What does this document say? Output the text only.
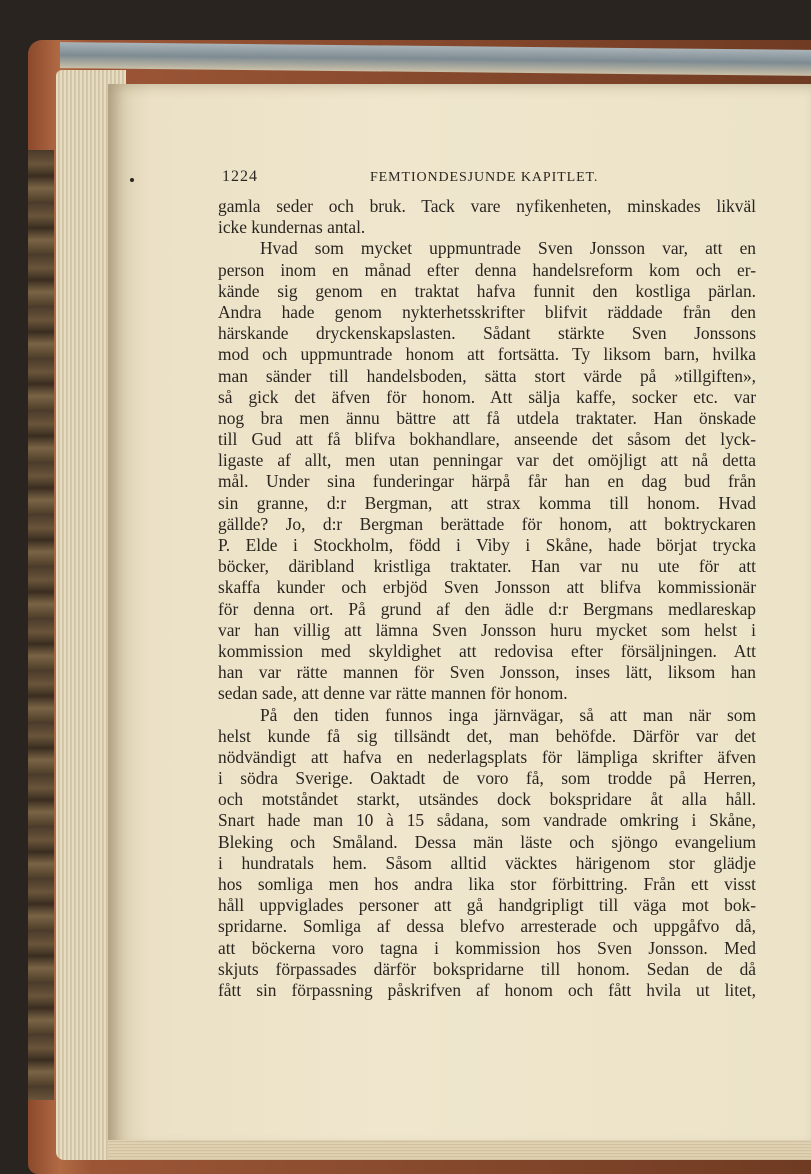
1224	FEMTIONDESJUNDE KAPITLET.
gamla seder och bruk. Tack vare nyfikenheten, minskades likväl
icke kundernas antal.
Hvad som mycket uppmuntrade Sven Jonsson var, att en
person inom en månad efter denna handelsreform kom och er-
kände sig genom en traktat hafva funnit den kostliga pärlan.
Andra hade genom nykterhetsskrifter blifvit räddade från den
härskande dryckenskapslasten. Sådant stärkte Sven Jonssons
mod och uppmuntrade honom att fortsätta. Ty liksom barn, hvilka
man sänder till handelsboden, sätta stort värde på »tillgiften»,
så gick det äfven för honom. Att sälja kaffe, socker etc. var
nog bra men ännu bättre att få utdela traktater. Han önskade
till Gud att få blifva bokhandlare, anseende det såsom det lyck-
ligaste af allt, men utan penningar var det omöjligt att nå detta
mål. Under sina funderingar härpå får han en dag bud från
sin granne, d:r Bergman, att strax komma till honom. Hvad
gällde? Jo, d:r Bergman berättade för honom, att boktryckaren
P. Elde i Stockholm, född i Viby i Skåne, hade börjat trycka
böcker, däribland kristliga traktater. Han var nu ute för att
skaffa kunder och erbjöd Sven Jonsson att blifva kommissionär
för denna ort. På grund af den ädle d:r Bergmans medlareskap
var han villig att lämna Sven Jonsson huru mycket som helst i
kommission med skyldighet att redovisa efter försäljningen. Att
han var rätte mannen för Sven Jonsson, inses lätt, liksom han
sedan sade, att denne var rätte mannen för honom.
På den tiden funnos inga järnvägar, så att man när som
helst kunde få sig tillsändt det, man behöfde. Därför var det
nödvändigt att hafva en nederlagsplats för lämpliga skrifter äfven
i södra Sverige. Oaktadt de voro få, som trodde på Herren,
och motståndet starkt, utsändes dock bokspridare åt alla håll.
Snart hade man 10 à 15 sådana, som vandrade omkring i Skåne,
Bleking och Småland. Dessa män läste och sjöngo evangelium
i hundratals hem. Såsom alltid väcktes härigenom stor glädje
hos somliga men hos andra lika stor förbittring. Från ett visst
håll uppviglades personer att gå handgripligt till väga mot bok-
spridarne. Somliga af dessa blefvo arresterade och uppgåfvo då,
att böckerna voro tagna i kommission hos Sven Jonsson. Med
skjuts förpassades därför bokspridarne till honom. Sedan de då
fått sin förpassning påskrifven af honom och fått hvila ut litet,
